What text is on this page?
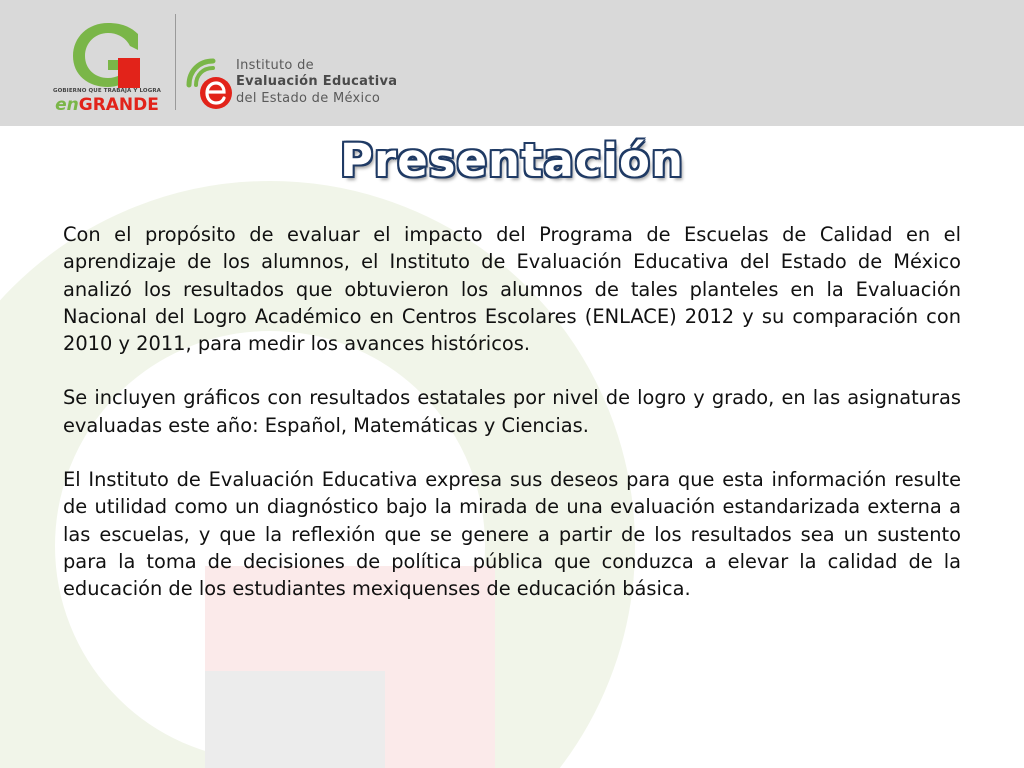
GOBIERNO QUE TRABAJA Y LOGRA
enGRANDE
Instituto de
Evaluación Educativa
del Estado de México
Presentación

Con el propósito de evaluar el impacto del Programa de Escuelas de Calidad en el aprendizaje de los alumnos, el Instituto de Evaluación Educativa del Estado de México analizó los resultados que obtuvieron los alumnos de tales planteles en la Evaluación Nacional del Logro Académico en Centros Escolares (ENLACE) 2012 y su comparación con 2010 y 2011, para medir los avances históricos.

Se incluyen gráficos con resultados estatales por nivel de logro y grado, en las asignaturas evaluadas este año: Español, Matemáticas y Ciencias.

El Instituto de Evaluación Educativa expresa sus deseos para que esta información resulte de utilidad como un diagnóstico bajo la mirada de una evaluación estandarizada externa a las escuelas, y que la reflexión que se genere a partir de los resultados sea un sustento para la toma de decisiones de política pública que conduzca a elevar la calidad de la educación de los estudiantes mexiquenses de educación básica.
